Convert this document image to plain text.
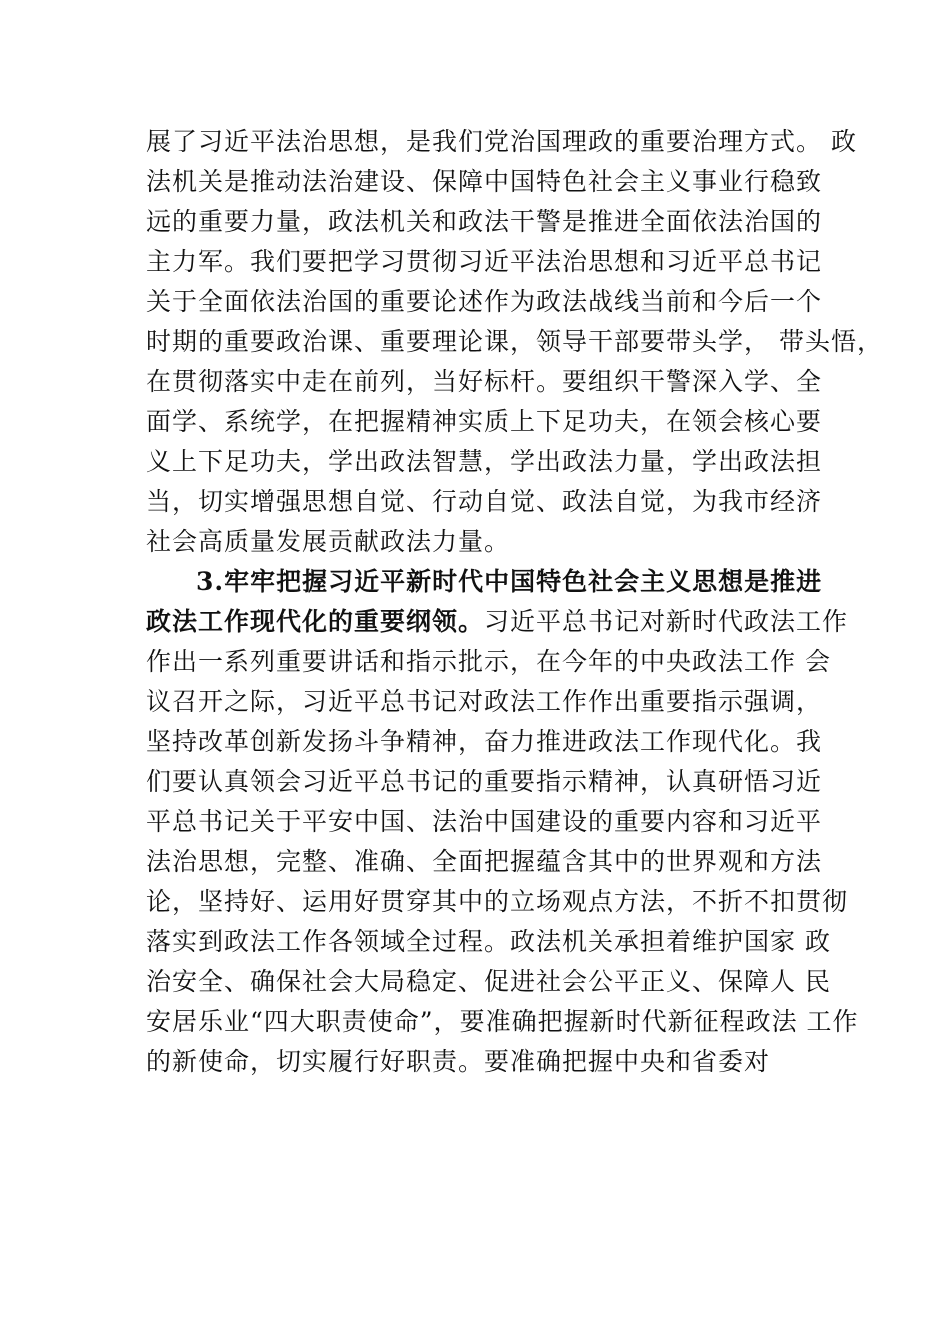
展了习近平法治思想，是我们党治国理政的重要治理方式。 政
法机关是推动法治建设、保障中国特色社会主义事业行稳致
远的重要力量，政法机关和政法干警是推进全面依法治国的
主力军。我们要把学习贯彻习近平法治思想和习近平总书记
关于全面依法治国的重要论述作为政法战线当前和今后一个
时期的重要政治课、重要理论课，领导干部要带头学， 带头悟，
在贯彻落实中走在前列，当好标杆。要组织干警深入学、全
面学、系统学，在把握精神实质上下足功夫，在领会核心要
义上下足功夫，学出政法智慧，学出政法力量，学出政法担
当，切实增强思想自觉、行动自觉、政法自觉，为我市经济
社会高质量发展贡献政法力量。
3.牢牢把握习近平新时代中国特色社会主义思想是推进
政法工作现代化的重要纲领。习近平总书记对新时代政法工作
作出一系列重要讲话和指示批示，在今年的中央政法工作 会
议召开之际，习近平总书记对政法工作作出重要指示强调，
坚持改革创新发扬斗争精神，奋力推进政法工作现代化。我
们要认真领会习近平总书记的重要指示精神，认真研悟习近
平总书记关于平安中国、法治中国建设的重要内容和习近平
法治思想，完整、准确、全面把握蕴含其中的世界观和方法
论，坚持好、运用好贯穿其中的立场观点方法，不折不扣贯彻
落实到政法工作各领域全过程。政法机关承担着维护国家 政
治安全、确保社会大局稳定、促进社会公平正义、保障人 民
安居乐业“四大职责使命”，要准确把握新时代新征程政法 工作
的新使命，切实履行好职责。要准确把握中央和省委对
